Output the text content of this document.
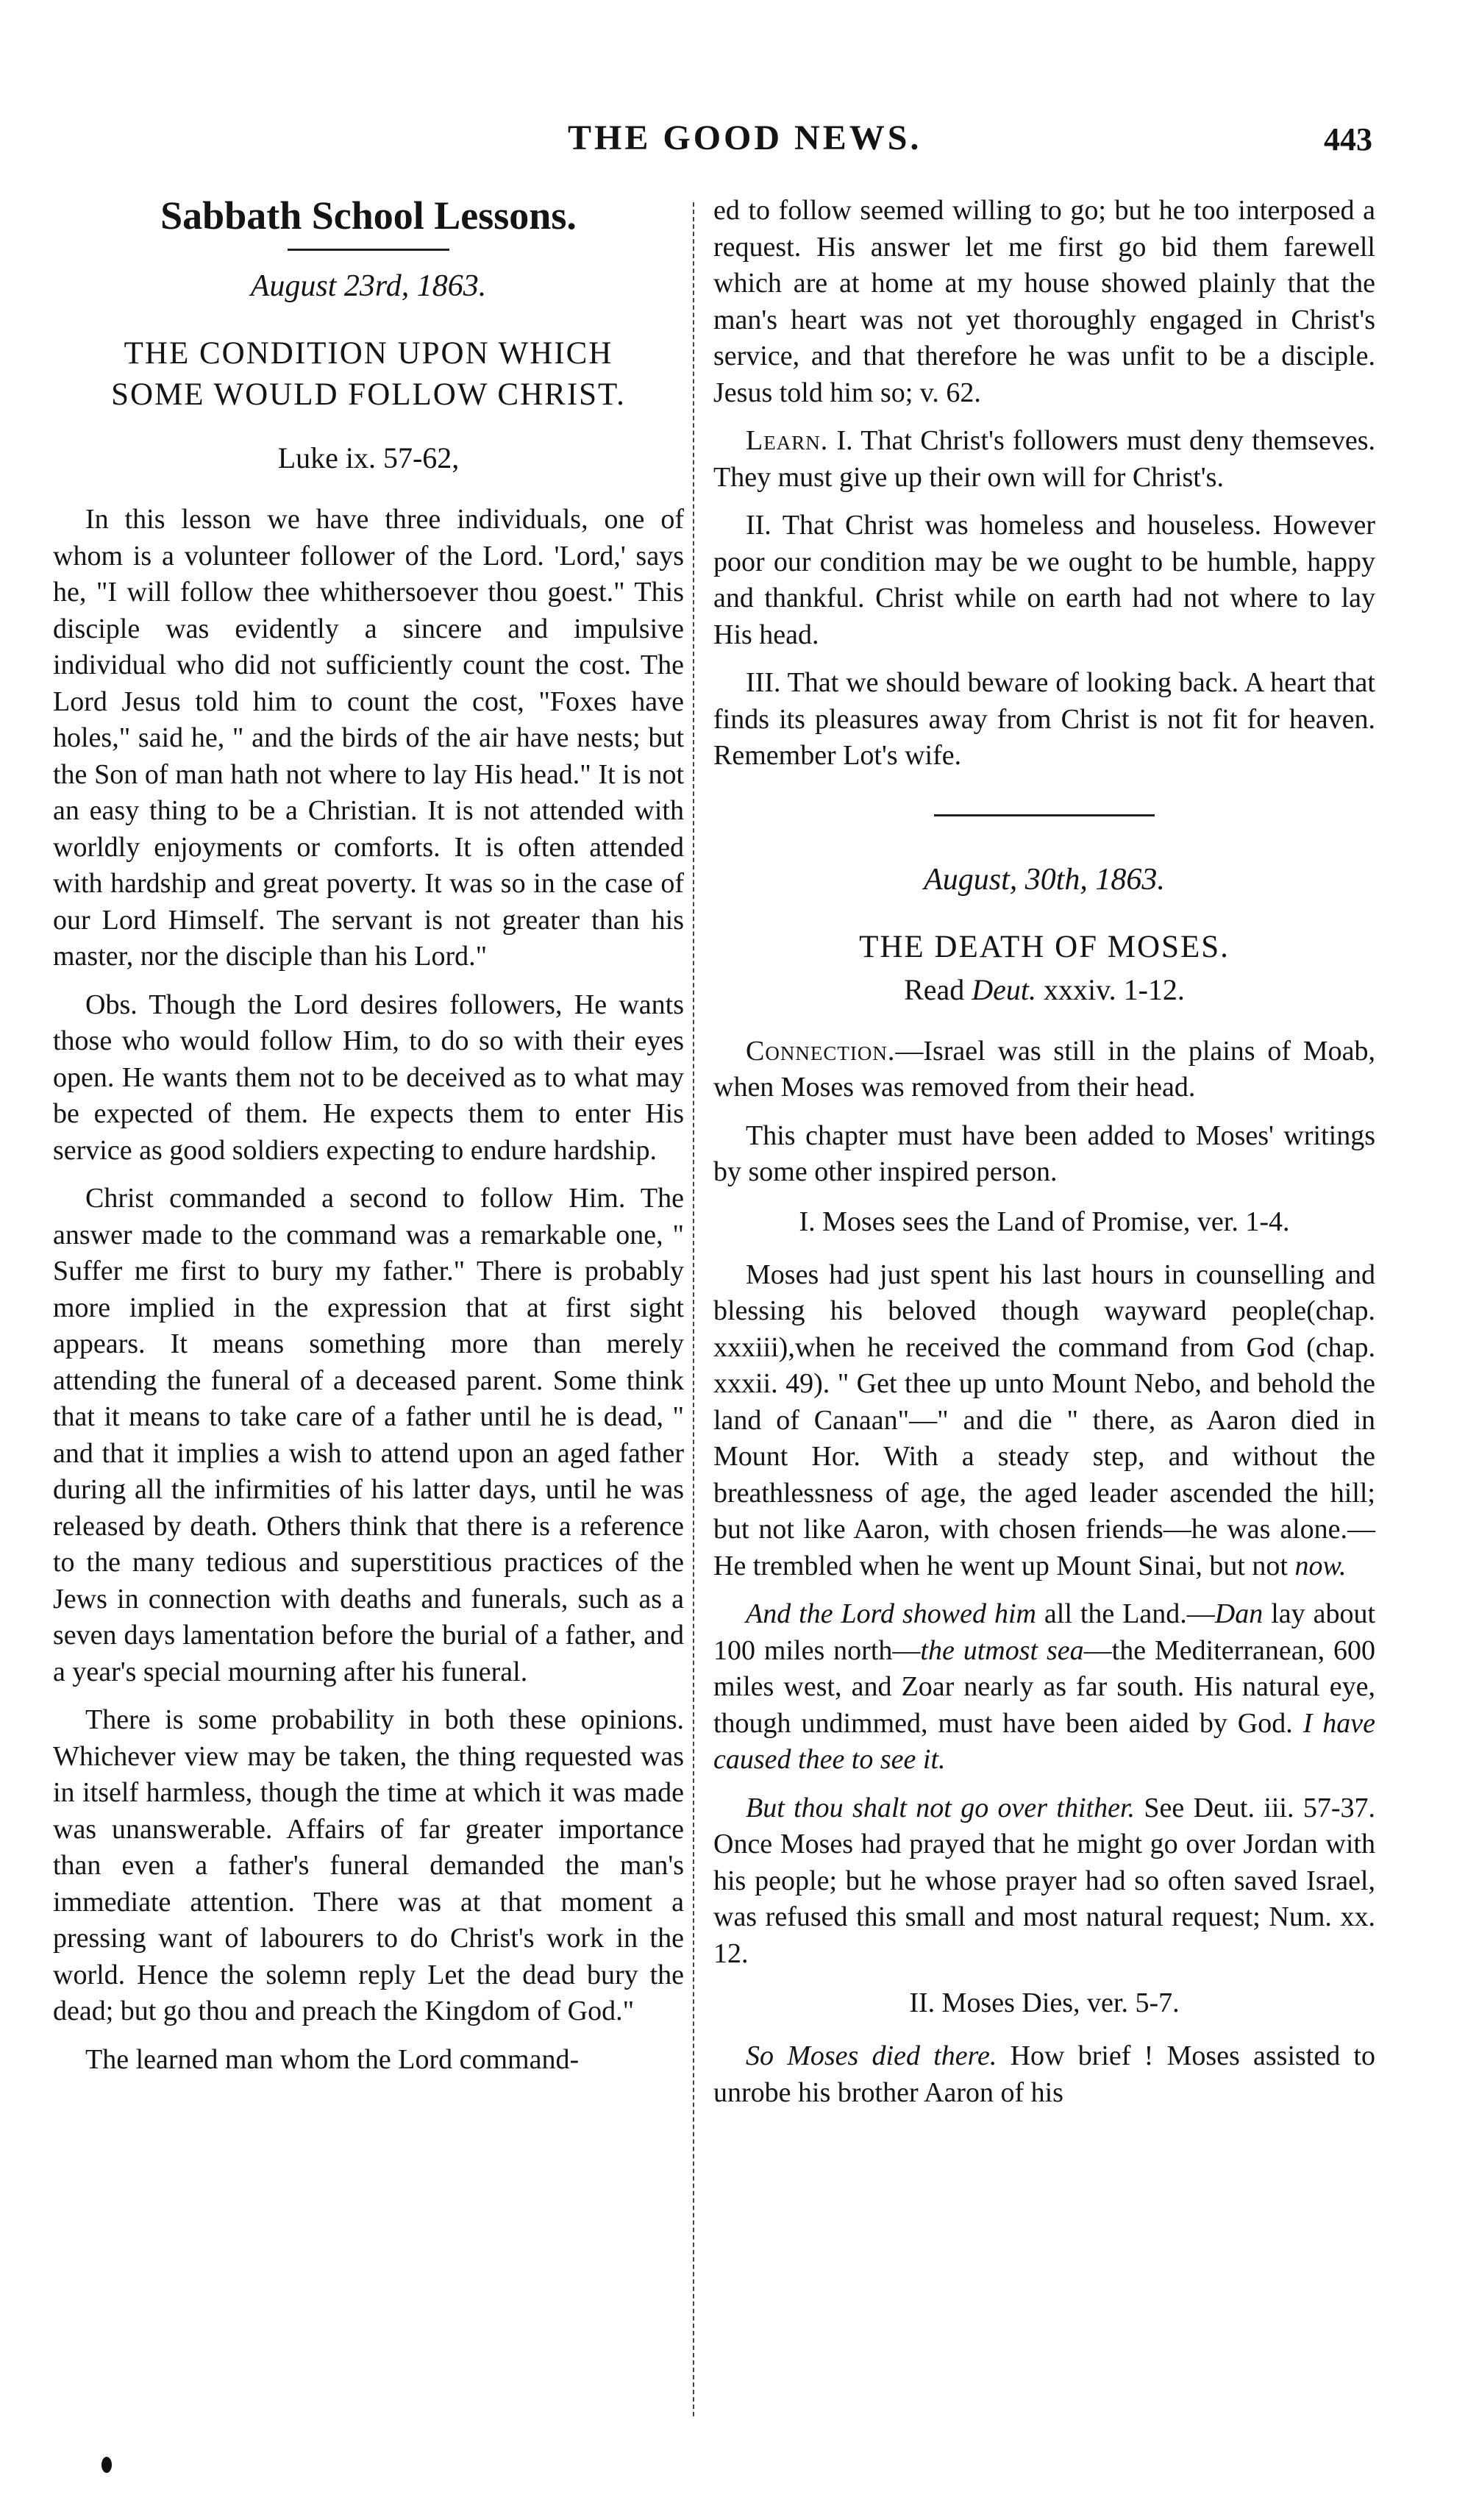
THE GOOD NEWS.	443
Sabbath School Lessons.
August 23rd, 1863.
THE CONDITION UPON WHICH
SOME WOULD FOLLOW CHRIST.
Luke ix. 57-62,

In this lesson we have three individuals, one of whom is a volunteer follower of the Lord. 'Lord,' says he, "I will follow thee whithersoever thou goest." This disciple was evidently a sincere and impulsive individual who did not sufficiently count the cost. The Lord Jesus told him to count the cost, "Foxes have holes," said he, " and the birds of the air have nests; but the Son of man hath not where to lay His head." It is not an easy thing to be a Christian. It is not attended with worldly enjoyments or comforts. It is often attended with hardship and great poverty. It was so in the case of our Lord Himself. The servant is not greater than his master, nor the disciple than his Lord."

Obs. Though the Lord desires followers, He wants those who would follow Him, to do so with their eyes open. He wants them not to be deceived as to what may be expected of them. He expects them to enter His service as good soldiers expecting to endure hardship.

Christ commanded a second to follow Him. The answer made to the command was a remarkable one, " Suffer me first to bury my father." There is probably more implied in the expression that at first sight appears. It means something more than merely attending the funeral of a deceased parent. Some think that it means to take care of a father until he is dead, " and that it implies a wish to attend upon an aged father during all the infirmities of his latter days, until he was released by death. Others think that there is a reference to the many tedious and superstitious practices of the Jews in connection with deaths and funerals, such as a seven days lamentation before the burial of a father, and a year's special mourning after his funeral.

There is some probability in both these opinions. Whichever view may be taken, the thing requested was in itself harmless, though the time at which it was made was unanswerable. Affairs of far greater importance than even a father's funeral demanded the man's immediate attention. There was at that moment a pressing want of labourers to do Christ's work in the world. Hence the solemn reply Let the dead bury the dead; but go thou and preach the Kingdom of God."

The learned man whom the Lord command-

ed to follow seemed willing to go; but he too interposed a request. His answer let me first go bid them farewell which are at home at my house showed plainly that the man's heart was not yet thoroughly engaged in Christ's service, and that therefore he was unfit to be a disciple. Jesus told him so; v. 62.

Learn. I. That Christ's followers must deny themseves. They must give up their own will for Christ's.

II. That Christ was homeless and houseless. However poor our condition may be we ought to be humble, happy and thankful. Christ while on earth had not where to lay His head.

III. That we should beware of looking back. A heart that finds its pleasures away from Christ is not fit for heaven. Remember Lot's wife.

August, 30th, 1863.
THE DEATH OF MOSES.
Read Deut. xxxiv. 1-12.

Connection.—Israel was still in the plains of Moab, when Moses was removed from their head.

This chapter must have been added to Moses' writings by some other inspired person.

I. Moses sees the Land of Promise, ver. 1-4.

Moses had just spent his last hours in counselling and blessing his beloved though wayward people(chap. xxxiii),when he received the command from God (chap. xxxii. 49). " Get thee up unto Mount Nebo, and behold the land of Canaan"—" and die " there, as Aaron died in Mount Hor. With a steady step, and without the breathlessness of age, the aged leader ascended the hill; but not like Aaron, with chosen friends—he was alone.—He trembled when he went up Mount Sinai, but not now.

And the Lord showed him all the Land.—Dan lay about 100 miles north—the utmost sea—the Mediterranean, 600 miles west, and Zoar nearly as far south. His natural eye, though undimmed, must have been aided by God. I have caused thee to see it.

But thou shalt not go over thither. See Deut. iii. 57-37. Once Moses had prayed that he might go over Jordan with his people; but he whose prayer had so often saved Israel, was refused this small and most natural request; Num. xx. 12.

II. Moses Dies, ver. 5-7.

So Moses died there. How brief ! Moses assisted to unrobe his brother Aaron of his
